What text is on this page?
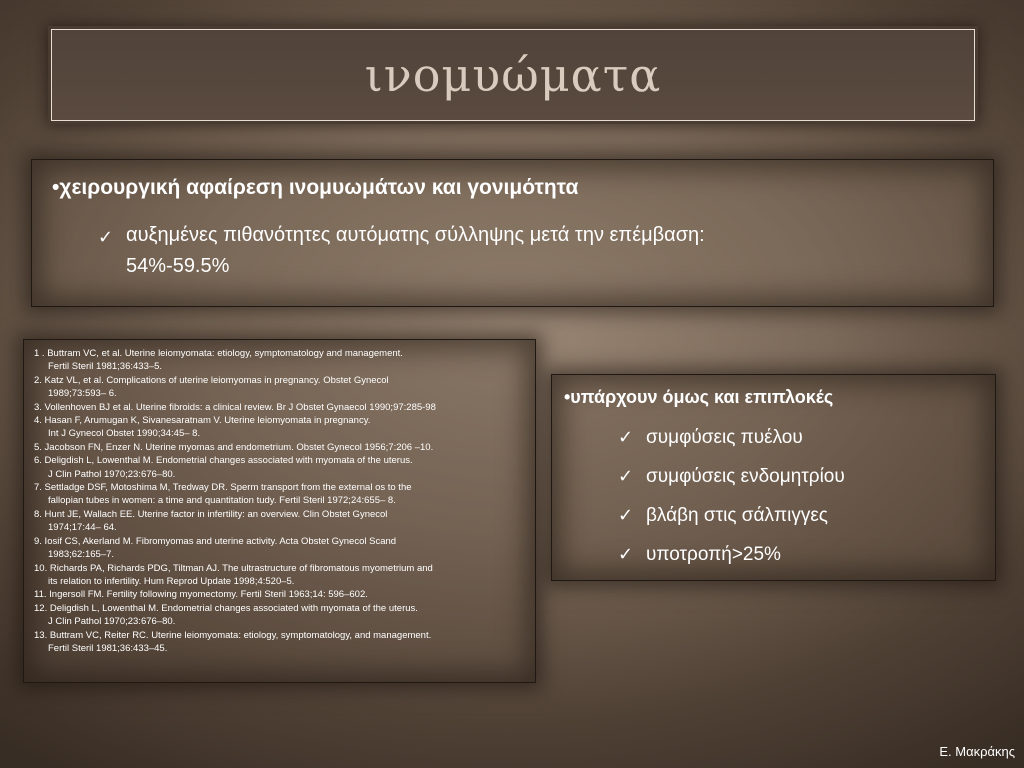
ινομυώματα
•χειρουργική αφαίρεση ινομυωμάτων και γονιμότητα
✓ αυξημένες πιθανότητες αυτόματης σύλληψης μετά την επέμβαση:
54%-59.5%
1 . Buttram VC, et al. Uterine leiomyomata: etiology, symptomatology and management.
Fertil Steril 1981;36:433–5.
2. Katz VL, et al. Complications of uterine leiomyomas in pregnancy. Obstet Gynecol
1989;73:593– 6.
3. Vollenhoven BJ et al. Uterine fibroids: a clinical review. Br J Obstet Gynaecol 1990;97:285-98
4. Hasan F, Arumugan K, Sivanesaratnam V. Uterine leiomyomata in pregnancy.
Int J Gynecol Obstet 1990;34:45– 8.
5. Jacobson FN, Enzer N. Uterine myomas and endometrium. Obstet Gynecol 1956;7:206 –10.
6. Deligdish L, Lowenthal M. Endometrial changes associated with myomata of the uterus.
J Clin Pathol 1970;23:676–80.
7. Settladge DSF, Motoshima M, Tredway DR. Sperm transport from the external os to the
fallopian tubes in women: a time and quantitation tudy. Fertil Steril 1972;24:655– 8.
8. Hunt JE, Wallach EE. Uterine factor in infertility: an overview. Clin Obstet Gynecol
1974;17:44– 64.
9. Iosif CS, Akerland M. Fibromyomas and uterine activity. Acta Obstet Gynecol Scand
1983;62:165–7.
10. Richards PA, Richards PDG, Tiltman AJ. The ultrastructure of fibromatous myometrium and
its relation to infertility. Hum Reprod Update 1998;4:520–5.
11. Ingersoll FM. Fertility following myomectomy. Fertil Steril 1963;14: 596–602.
12. Deligdish L, Lowenthal M. Endometrial changes associated with myomata of the uterus.
J Clin Pathol 1970;23:676–80.
13. Buttram VC, Reiter RC. Uterine leiomyomata: etiology, symptomatology, and management.
Fertil Steril 1981;36:433–45.
•υπάρχουν όμως και επιπλοκές
✓ συμφύσεις πυέλου
✓ συμφύσεις ενδομητρίου
✓ βλάβη στις σάλπιγγες
✓ υποτροπή>25%
Ε. Μακράκης
